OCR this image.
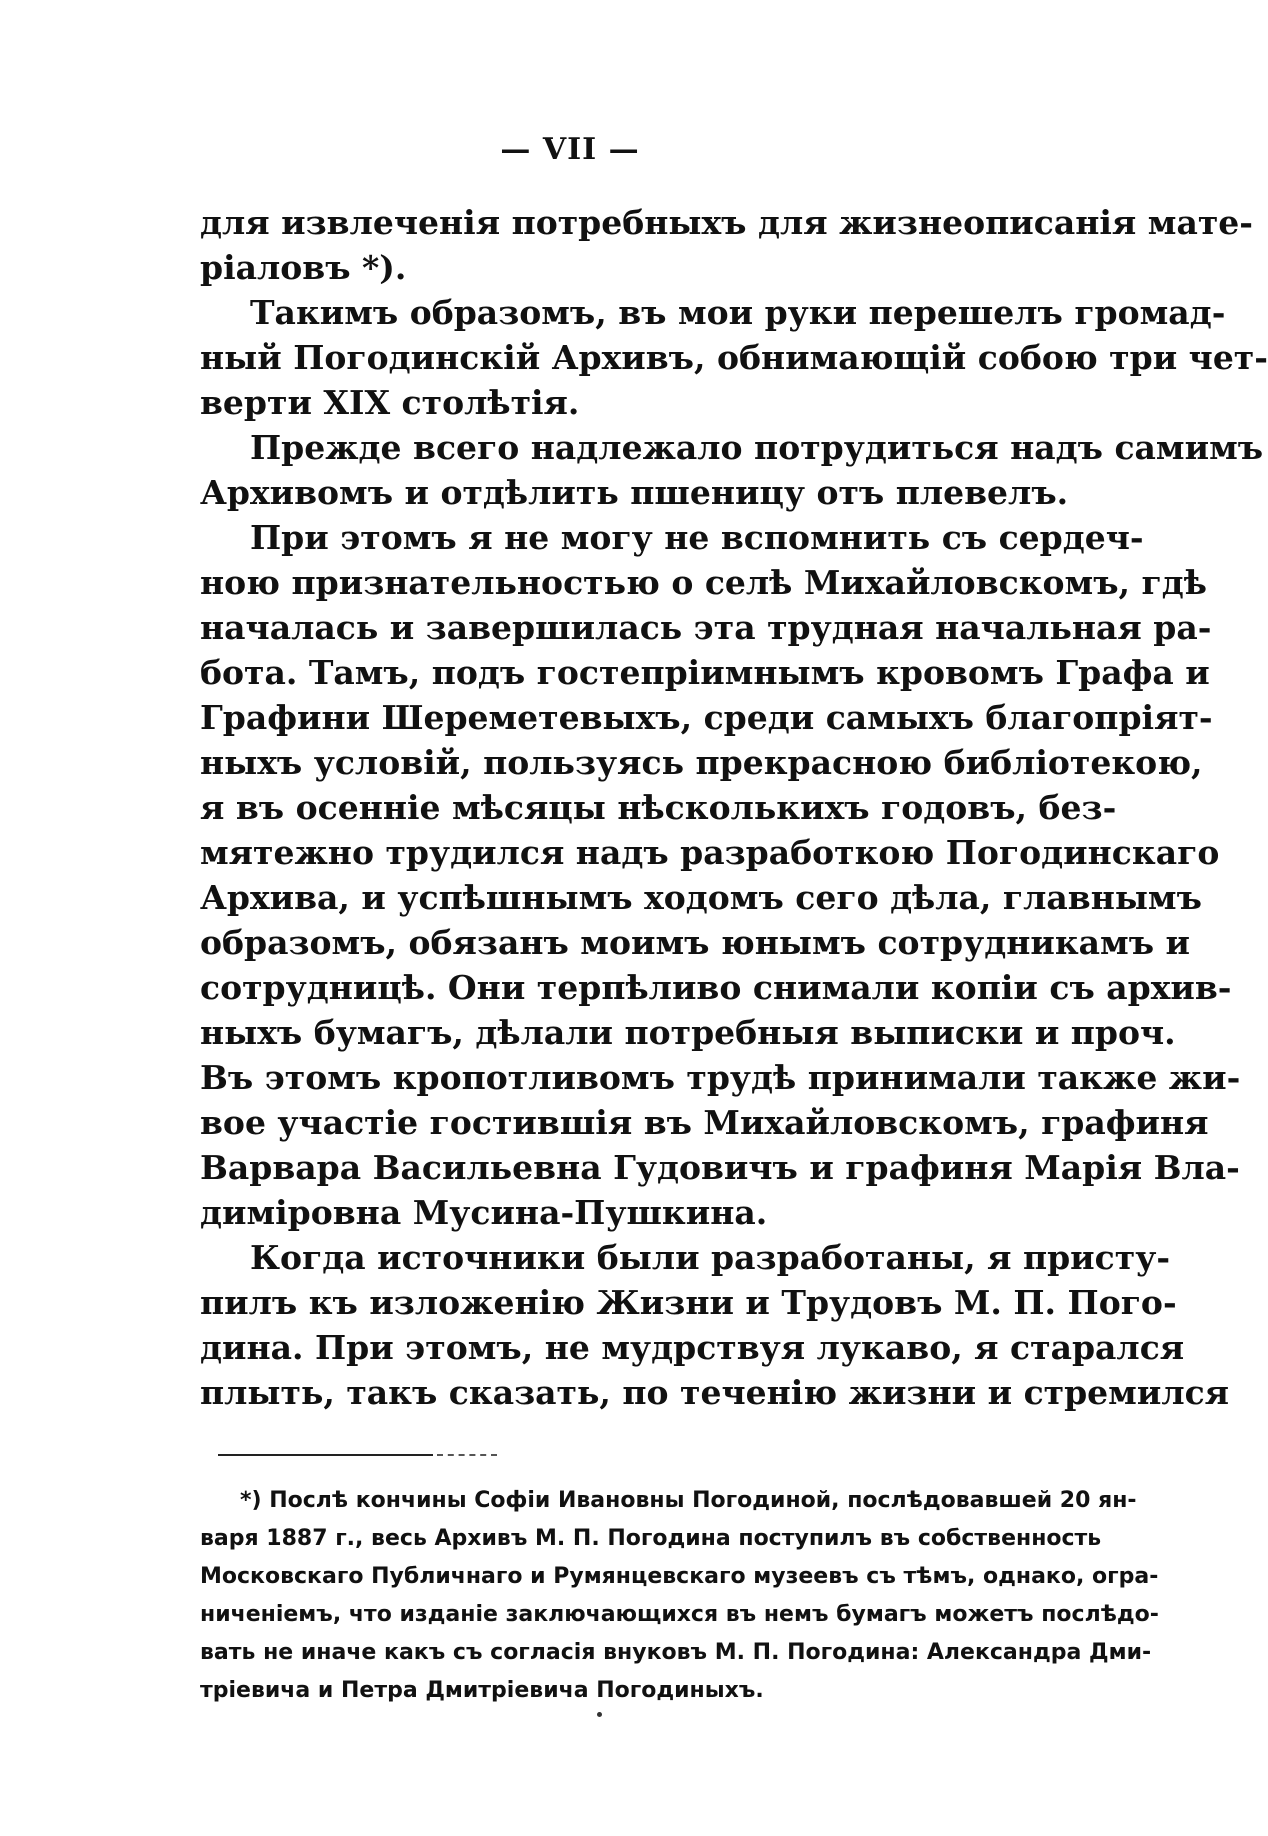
— VII —
для извлеченія потребныхъ для жизнеописанія мате-
ріаловъ *).
Такимъ образомъ, въ мои руки перешелъ громад-
ный Погодинскій Архивъ, обнимающій собою три чет-
верти XIX столѣтія.
Прежде всего надлежало потрудиться надъ самимъ
Архивомъ и отдѣлить пшеницу отъ плевелъ.
При этомъ я не могу не вспомнить съ сердеч-
ною признательностью о селѣ Михайловскомъ, гдѣ
началась и завершилась эта трудная начальная ра-
бота. Тамъ, подъ гостепріимнымъ кровомъ Графа и
Графини Шереметевыхъ, среди самыхъ благопріят-
ныхъ условій, пользуясь прекрасною библіотекою,
я въ осенніе мѣсяцы нѣсколькихъ годовъ, без-
мятежно трудился надъ разработкою Погодинскаго
Архива, и успѣшнымъ ходомъ сего дѣла, главнымъ
образомъ, обязанъ моимъ юнымъ сотрудникамъ и
сотрудницѣ. Они терпѣливо снимали копіи съ архив-
ныхъ бумагъ, дѣлали потребныя выписки и проч.
Въ этомъ кропотливомъ трудѣ принимали также жи-
вое участіе гостившія въ Михайловскомъ, графиня
Варвара Васильевна Гудовичъ и графиня Марія Вла-
диміровна Мусина-Пушкина.
Когда источники были разработаны, я присту-
пилъ къ изложенію Жизни и Трудовъ М. П. Пого-
дина. При этомъ, не мудрствуя лукаво, я старался
плыть, такъ сказать, по теченію жизни и стремился
*) Послѣ кончины Софіи Ивановны Погодиной, послѣдовавшей 20 ян-
варя 1887 г., весь Архивъ М. П. Погодина поступилъ въ собственность
Московскаго Публичнаго и Румянцевскаго музеевъ съ тѣмъ, однако, огра-
ниченіемъ, что изданіе заключающихся въ немъ бумагъ можетъ послѣдо-
вать не иначе какъ съ согласія внуковъ М. П. Погодина: Александра Дми-
тріевича и Петра Дмитріевича Погодиныхъ.
